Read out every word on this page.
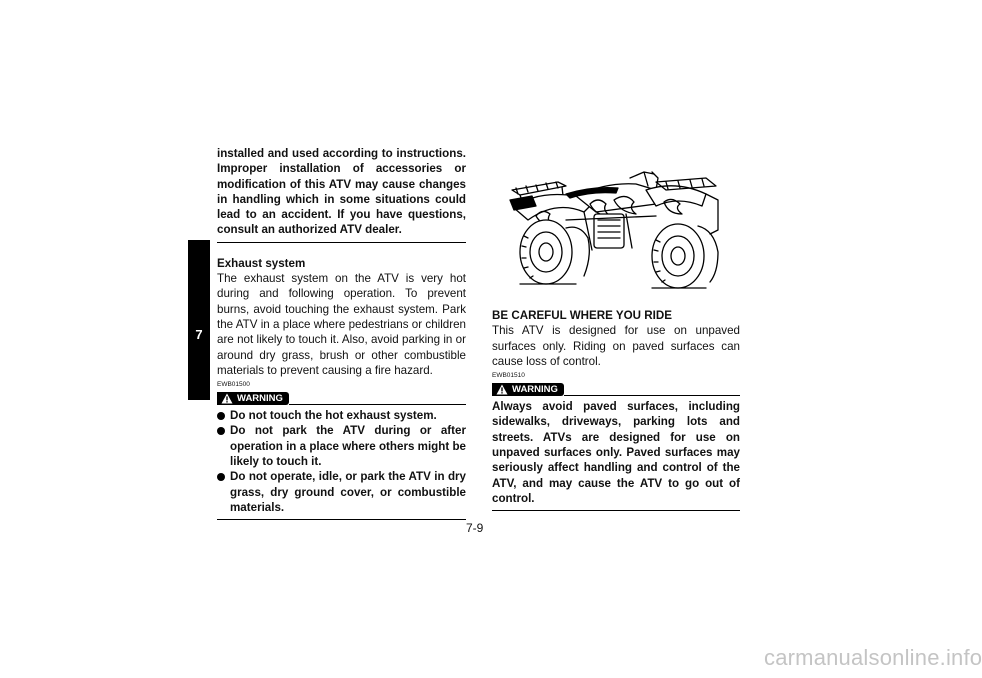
7

installed and used according to instructions. Improper installation of accessories or modification of this ATV may cause changes in handling which in some situations could lead to an accident. If you have questions, consult an authorized ATV dealer.

Exhaust system

The exhaust system on the ATV is very hot during and following operation. To prevent burns, avoid touching the exhaust system. Park the ATV in a place where pedestrians or children are not likely to touch it. Also, avoid parking in or around dry grass, brush or other combustible materials to prevent causing a fire hazard.

EWB01500
WARNING
Do not touch the hot exhaust system.
Do not park the ATV during or after operation in a place where others might be likely to touch it.
Do not operate, idle, or park the ATV in dry grass, dry ground cover, or combustible materials.

BE CAREFUL WHERE YOU RIDE

This ATV is designed for use on unpaved surfaces only. Riding on paved surfaces can cause loss of control.

EWB01510
WARNING

Always avoid paved surfaces, including sidewalks, driveways, parking lots and streets. ATVs are designed for use on unpaved surfaces only. Paved surfaces may seriously affect handling and control of the ATV, and may cause the ATV to go out of control.

7-9
carmanualsonline.info
